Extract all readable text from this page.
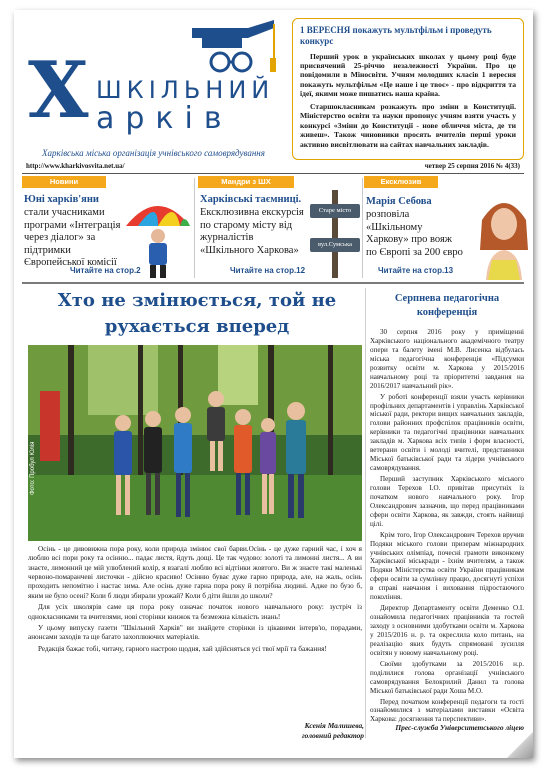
Х ШКІЛЬНИЙ
арків
Харківська міська організація учнівського самоврядування
1 ВЕРЕСНЯ покажуть мультфільм і проведуть конкурс

Перший урок в українських школах у цьому році буде присвячений 25-річчю незалежності України. Про це повідомили в Міносвіти. Учням молодших класів 1 вересня покажуть мультфільм «Це наше і це твоє» - про відкриття та ідеї, якими може пишатись наша країна.

Старшокласникам розкажуть про зміни в Конституції. Міністерство освіти та науки пропонує учням взяти участь у конкурсі «Зміни до Конституції - нове обличчя міста, де ти живеш». Також чиновники просять вчителів перші уроки активно висвітлювати на сайтах навчальних закладів.

http://www.kharkivosvita.net.ua/	четвер 25 серпня 2016 № 4(33)
Новини
Юні харків'яни
стали учасниками програми «Інтеграція через діалог» за підтримки Європейської комісії
Читайте на стор.2
Мандри з ШХ
Харківські таємниці.
Ексклюзивна екскурсія по старому місту від журналістів «Шкільного Харкова»
Читайте на стор.12
Старе місто
вул.Сумська
Ексклюзив
Марія Себова
розповіла «Шкільному Харкову» про вояж по Європі за 200 євро
Читайте на стор.13
Хто не змінюється, той не
рухається вперед
Фото: Пробул Юлія

Осінь - це дивовижна пора року, коли природа змінює свої барви.Осінь - це дуже гарний час, і хоч я люблю всі пори року та осінню... падає листя, йдуть дощі. Це так чудово: золоті та лимонні листя... А ви знаєте, лимонний це мій улюблений колір, я взагалі люблю всі відтінки жовтого. Ви ж знаєте такі маленькі червоно-помаранчеві листочки - дійсно красиво! Осінню буває дуже гарно природа, але, на жаль, осінь проходить непомітно і настає зима. Але осінь дуже гарна пора року й потрібна людині. Адже по бузо б, яким не було осені? Коли б люди збирали урожай? Коли б діти йшли до школи?

Для усіх школярів саме ця пора року означає початок нового навчального року: зустріч із однокласниками та вчителями, нові сторінки книжок та безмежна кількість знань!

У цьому випуску газети "Шкільний Харків" ви знайдете сторінки із цікавими інтерв'ю, порадами, анонсами заходів та ще багато захоплюючих матеріалів.

Редакція бажає тобі, читачу, гарного настрою щодня, хай здійсняться усі твої мрії та бажання!

Ксенія Малишева,
головний редактор
Серпнева педагогічна конференція

30 серпня 2016 року у приміщенні Харківського національного академічного театру опери та балету імені М.В. Лисенка відбулась міська педагогічна конференція «Підсумки розвитку освіти м. Харкова у 2015/2016 навчальному році та пріоритетні завдання на 2016/2017 навчальний рік».

У роботі конференції взяли участь керівники профільних департаментів і управлінь Харківської міської ради, ректори вищих навчальних закладів, голови районних профспілок працівників освіти, керівники та педагогічні працівники навчальних закладів м. Харкова всіх типів і форм власності, ветерани освіти і молоді вчителі, представники Міської батьківської ради та лідери учнівського самоврядування.

Перший заступник Харківського міського голови Терехов І.О. привітав присутніх із початком нового навчального року. Ігор Олександрович зазначив, що перед працівниками сфери освіти Харкова, як завжди, стоять найвищі цілі.

Крім того, Ігор Олександрович Терехов вручив Подяки міського голови призерам міжнародних учнівських олімпіад, почесні грамоти виконкому Харківської міськради - їхнім вчителям, а також Подяки Міністерства освіти України працівникам сфери освіти за сумлінну працю, досягнуті успіхи в справі навчання і виховання підростаючого покоління.

Директор Департаменту освіти Деменко О.І. ознайомила педагогічних працівників та гостей заходу з основними здобутками освіти м. Харкова у 2015/2016 н. р. та окреслила коло питань, на реалізацію яких будуть спрямовані зусилля освітян у новому навчальному році.

Своїми здобутками за 2015/2016 н.р. поділилися голова організації учнівського самоврядування Белокрилий Данил та голова Міської батьківської ради Хоша М.О.

Перед початком конференції педагоги та гості ознайомилися з матеріалами виставки «Освіта Харкова: досягнення та перспективи».

Прес-служба Університетського ліцею
